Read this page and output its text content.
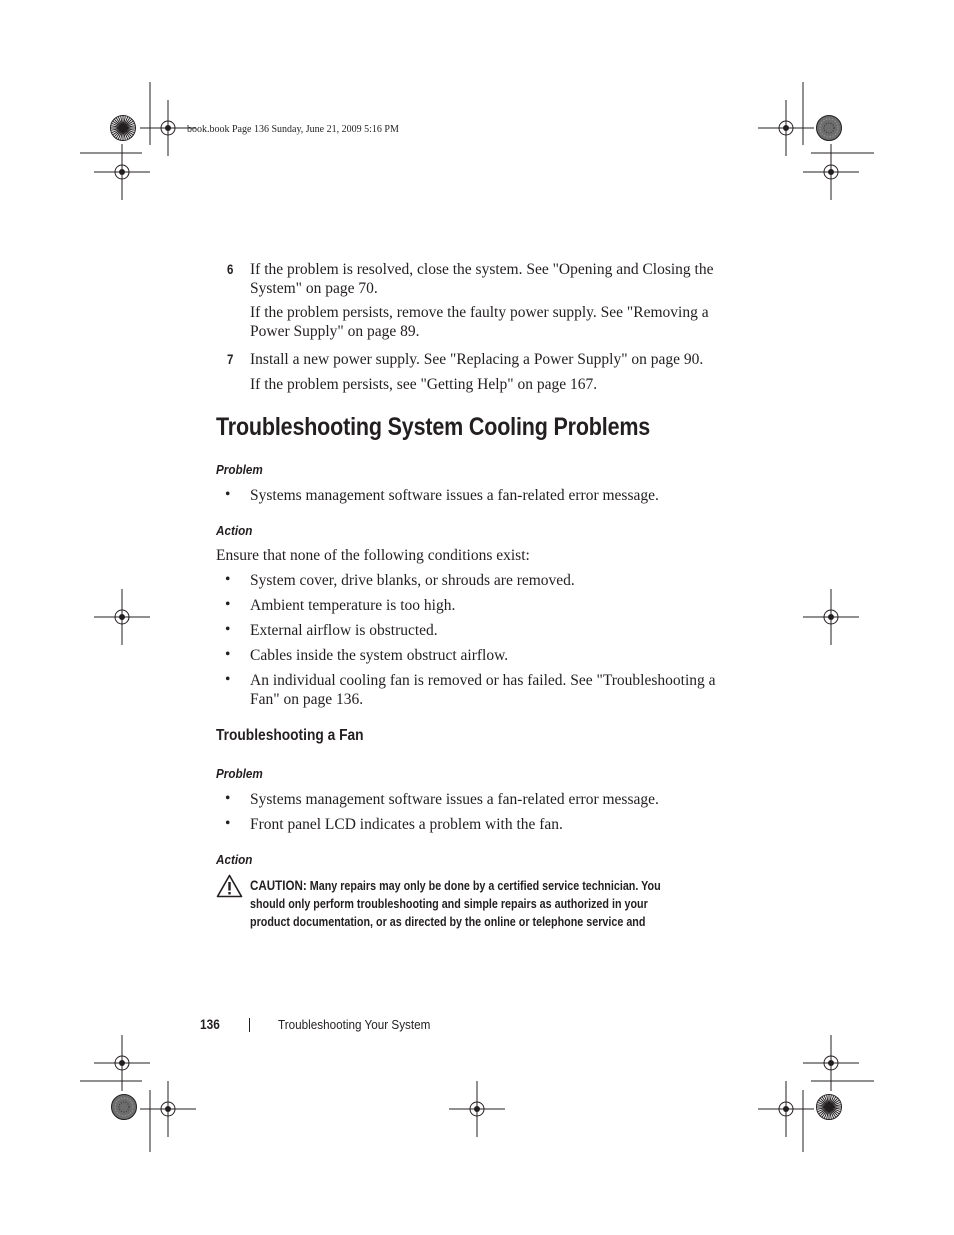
book.book Page 136 Sunday, June 21, 2009 5:16 PM
6 If the problem is resolved, close the system. See "Opening and Closing the
System" on page 70.
If the problem persists, remove the faulty power supply. See "Removing a
Power Supply" on page 89.
7 Install a new power supply. See "Replacing a Power Supply" on page 90.
If the problem persists, see "Getting Help" on page 167.
Troubleshooting System Cooling Problems
Problem
• Systems management software issues a fan-related error message.
Action
Ensure that none of the following conditions exist:
• System cover, drive blanks, or shrouds are removed.
• Ambient temperature is too high.
• External airflow is obstructed.
• Cables inside the system obstruct airflow.
• An individual cooling fan is removed or has failed. See "Troubleshooting a
Fan" on page 136.
Troubleshooting a Fan
Problem
• Systems management software issues a fan-related error message.
• Front panel LCD indicates a problem with the fan.
Action
CAUTION: Many repairs may only be done by a certified service technician. You
should only perform troubleshooting and simple repairs as authorized in your
product documentation, or as directed by the online or telephone service and
136	Troubleshooting Your System
